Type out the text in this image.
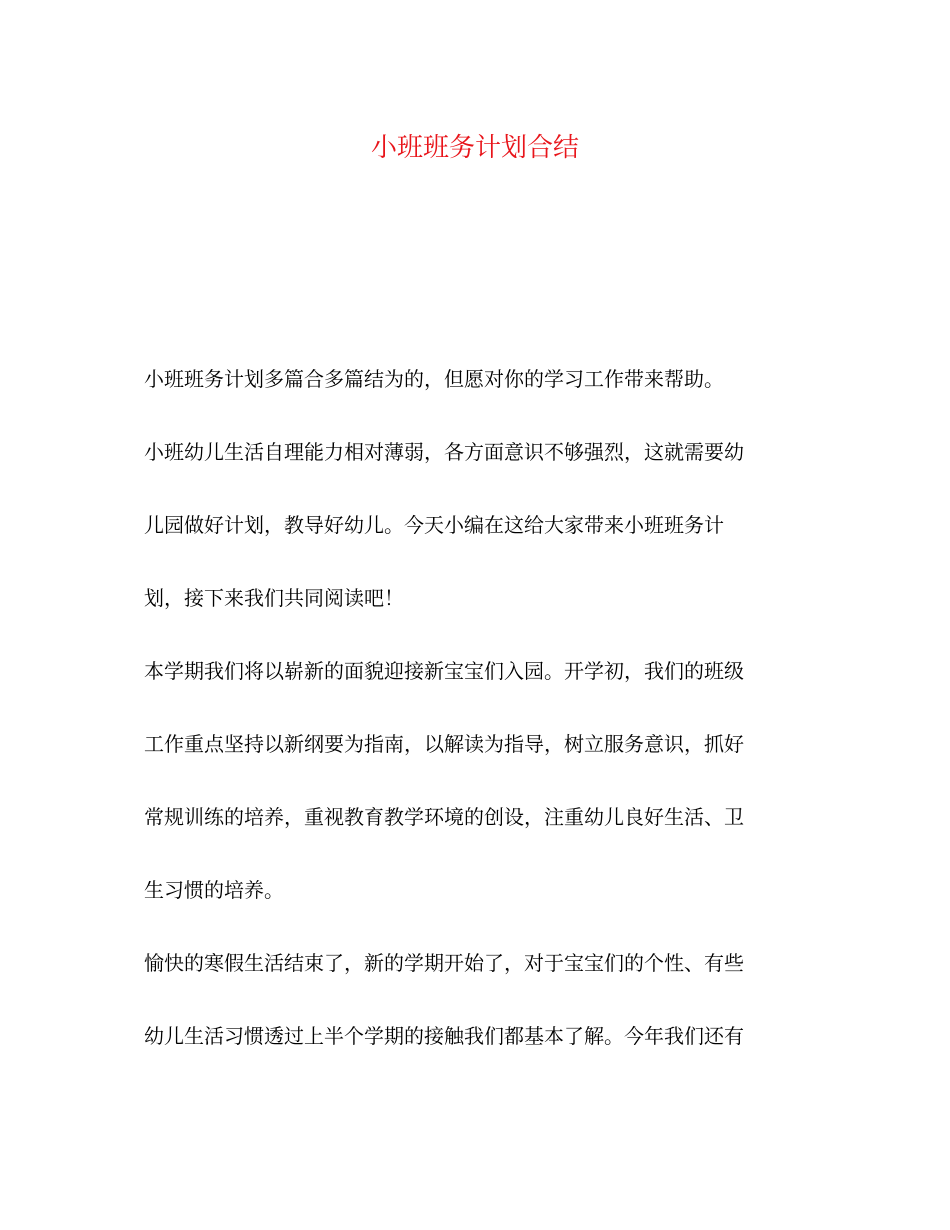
小班班务计划合结

小班班务计划多篇合多篇结为的，但愿对你的学习工作带来帮助。

小班幼儿生活自理能力相对薄弱，各方面意识不够强烈，这就需要幼

儿园做好计划，教导好幼儿。今天小编在这给大家带来小班班务计

划，接下来我们共同阅读吧！

本学期我们将以崭新的面貌迎接新宝宝们入园。开学初，我们的班级

工作重点坚持以新纲要为指南，以解读为指导，树立服务意识，抓好

常规训练的培养，重视教育教学环境的创设，注重幼儿良好生活、卫

生习惯的培养。

愉快的寒假生活结束了，新的学期开始了，对于宝宝们的个性、有些

幼儿生活习惯透过上半个学期的接触我们都基本了解。今年我们还有
